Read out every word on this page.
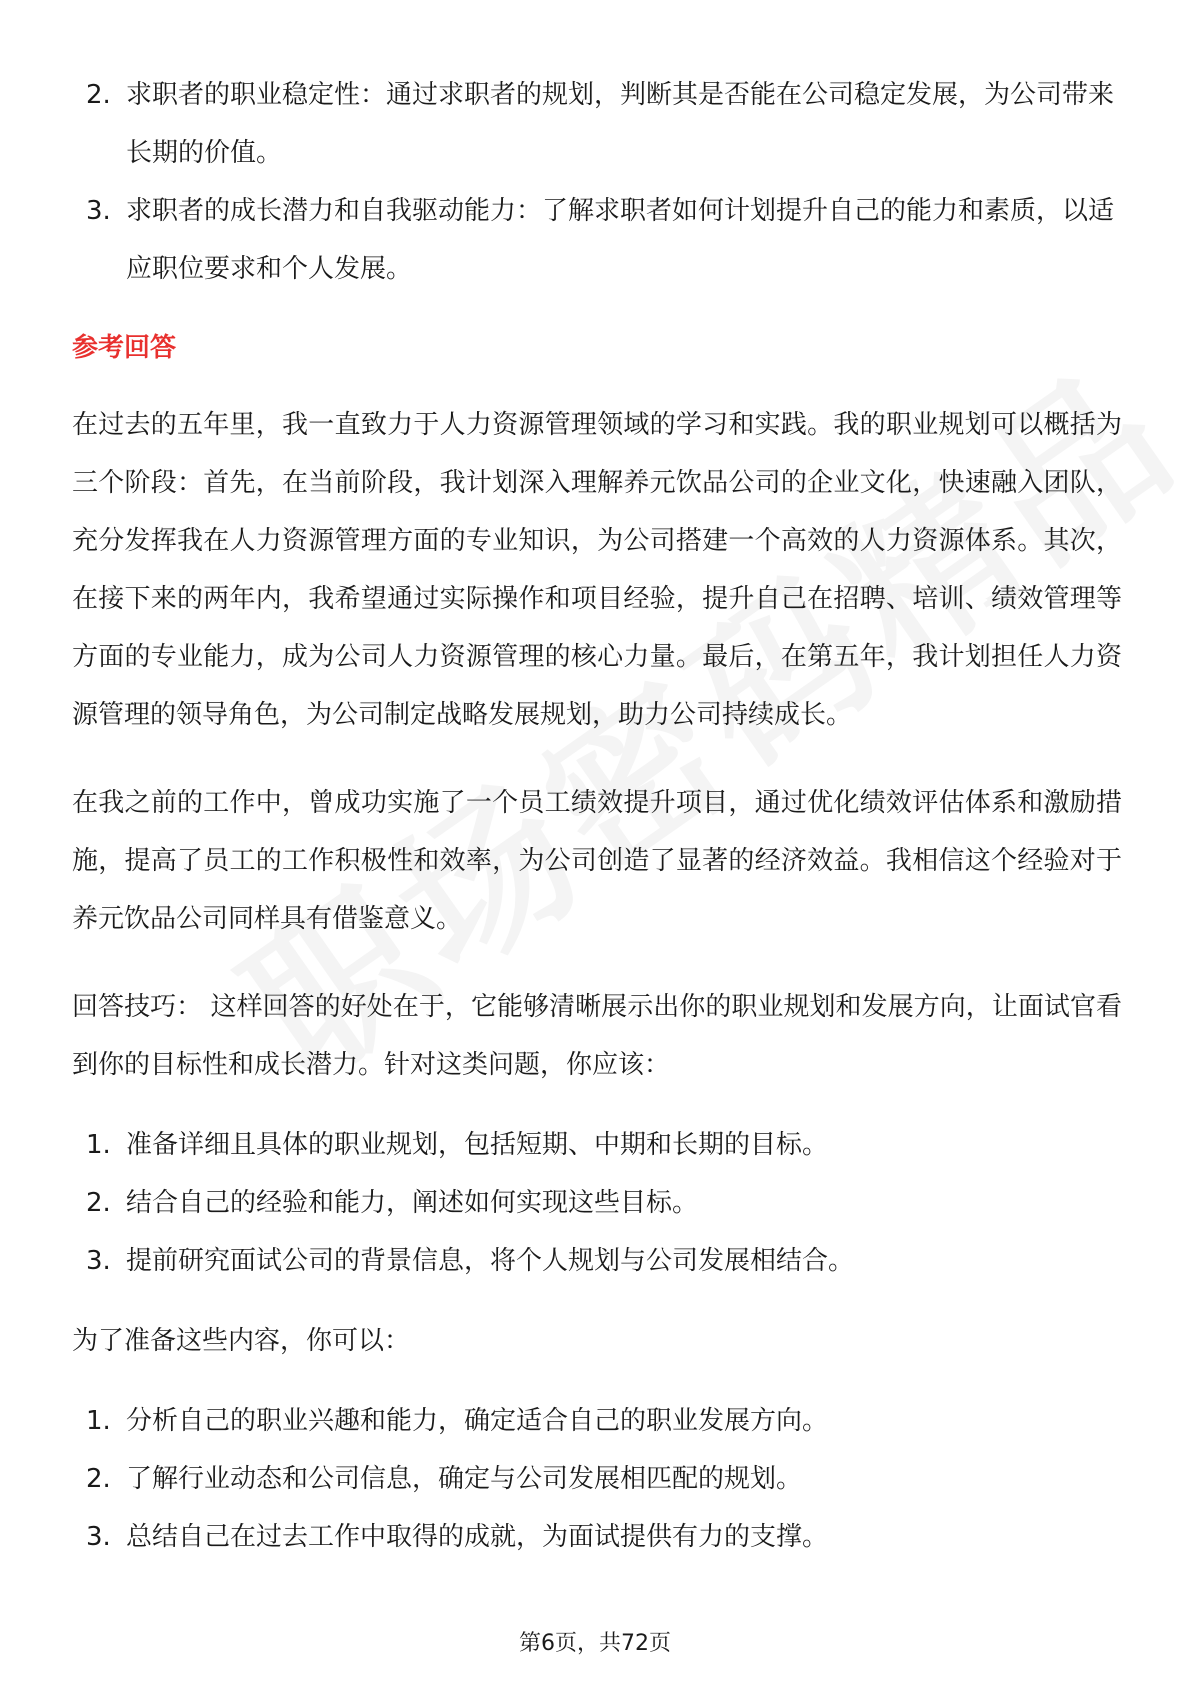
2. 求职者的职业稳定性：通过求职者的规划，判断其是否能在公司稳定发展，为公司带来长期的价值。
3. 求职者的成长潜力和自我驱动能力：了解求职者如何计划提升自己的能力和素质，以适应职位要求和个人发展。
参考回答

在过去的五年里，我一直致力于人力资源管理领域的学习和实践。我的职业规划可以概括为三个阶段：首先，在当前阶段，我计划深入理解养元饮品公司的企业文化，快速融入团队，充分发挥我在人力资源管理方面的专业知识，为公司搭建一个高效的人力资源体系。其次，在接下来的两年内，我希望通过实际操作和项目经验，提升自己在招聘、培训、绩效管理等方面的专业能力，成为公司人力资源管理的核心力量。最后，在第五年，我计划担任人力资源管理的领导角色，为公司制定战略发展规划，助力公司持续成长。

在我之前的工作中，曾成功实施了一个员工绩效提升项目，通过优化绩效评估体系和激励措施，提高了员工的工作积极性和效率，为公司创造了显著的经济效益。我相信这个经验对于养元饮品公司同样具有借鉴意义。

回答技巧： 这样回答的好处在于，它能够清晰展示出你的职业规划和发展方向，让面试官看到你的目标性和成长潜力。针对这类问题，你应该：

1. 准备详细且具体的职业规划，包括短期、中期和长期的目标。
2. 结合自己的经验和能力，阐述如何实现这些目标。
3. 提前研究面试公司的背景信息，将个人规划与公司发展相结合。

为了准备这些内容，你可以：

1. 分析自己的职业兴趣和能力，确定适合自己的职业发展方向。
2. 了解行业动态和公司信息，确定与公司发展相匹配的规划。
3. 总结自己在过去工作中取得的成就，为面试提供有力的支撑。
第6页，共72页
